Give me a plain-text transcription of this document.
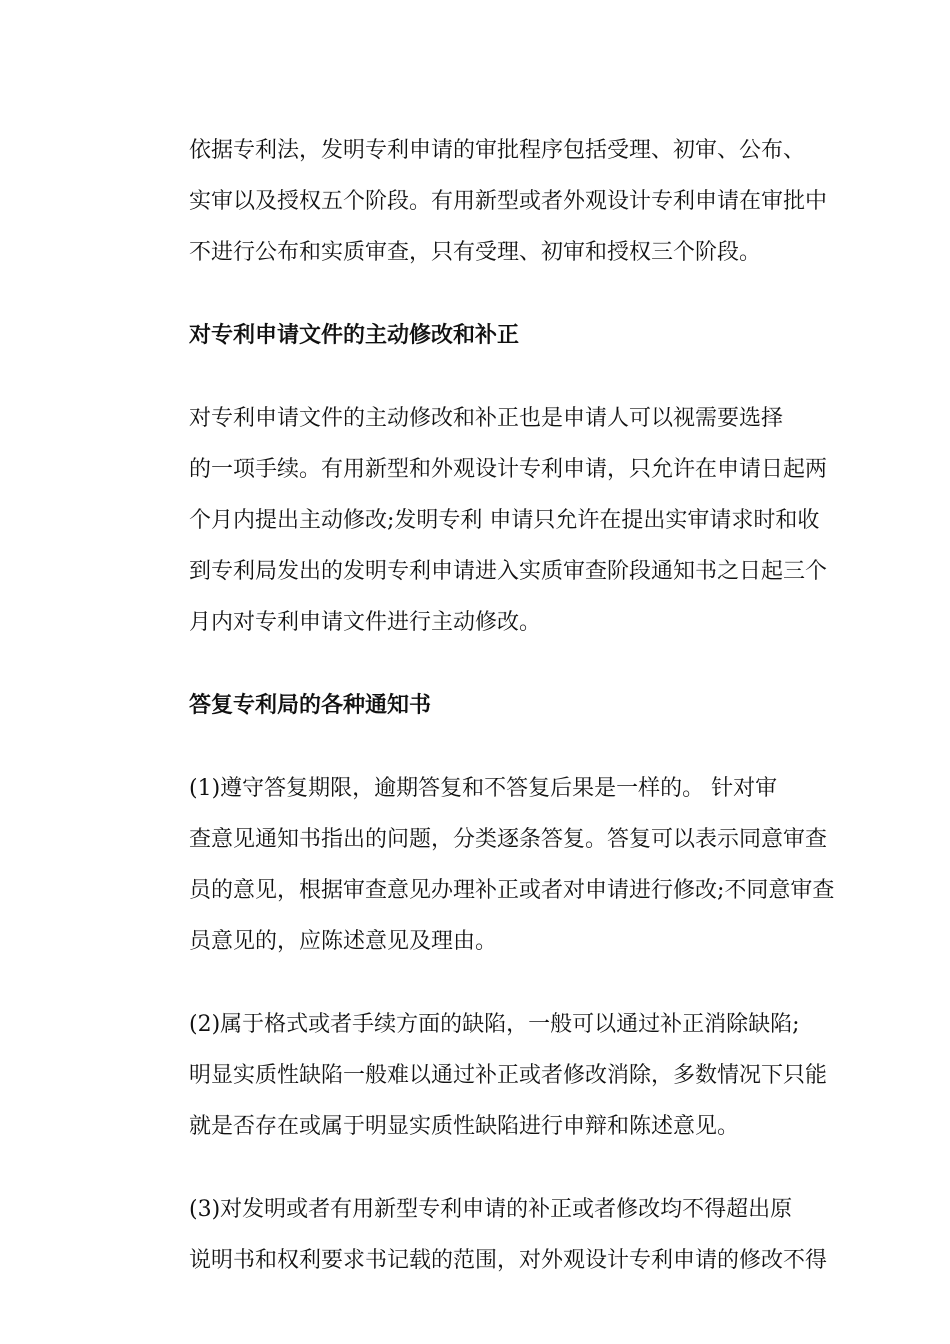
依据专利法，发明专利申请的审批程序包括受理、初审、公布、
实审以及授权五个阶段。有用新型或者外观设计专利申请在审批中
不进行公布和实质审查，只有受理、初审和授权三个阶段。

对专利申请文件的主动修改和补正

对专利申请文件的主动修改和补正也是申请人可以视需要选择
的一项手续。有用新型和外观设计专利申请，只允许在申请日起两
个月内提出主动修改;发明专利 申请只允许在提出实审请求时和收
到专利局发出的发明专利申请进入实质审查阶段通知书之日起三个
月内对专利申请文件进行主动修改。

答复专利局的各种通知书

(1)遵守答复期限，逾期答复和不答复后果是一样的。 针对审
查意见通知书指出的问题，分类逐条答复。答复可以表示同意审查
员的意见，根据审查意见办理补正或者对申请进行修改;不同意审查
员意见的，应陈述意见及理由。

(2)属于格式或者手续方面的缺陷，一般可以通过补正消除缺陷;
明显实质性缺陷一般难以通过补正或者修改消除，多数情况下只能
就是否存在或属于明显实质性缺陷进行申辩和陈述意见。

(3)对发明或者有用新型专利申请的补正或者修改均不得超出原
说明书和权利要求书记载的范围，对外观设计专利申请的修改不得
